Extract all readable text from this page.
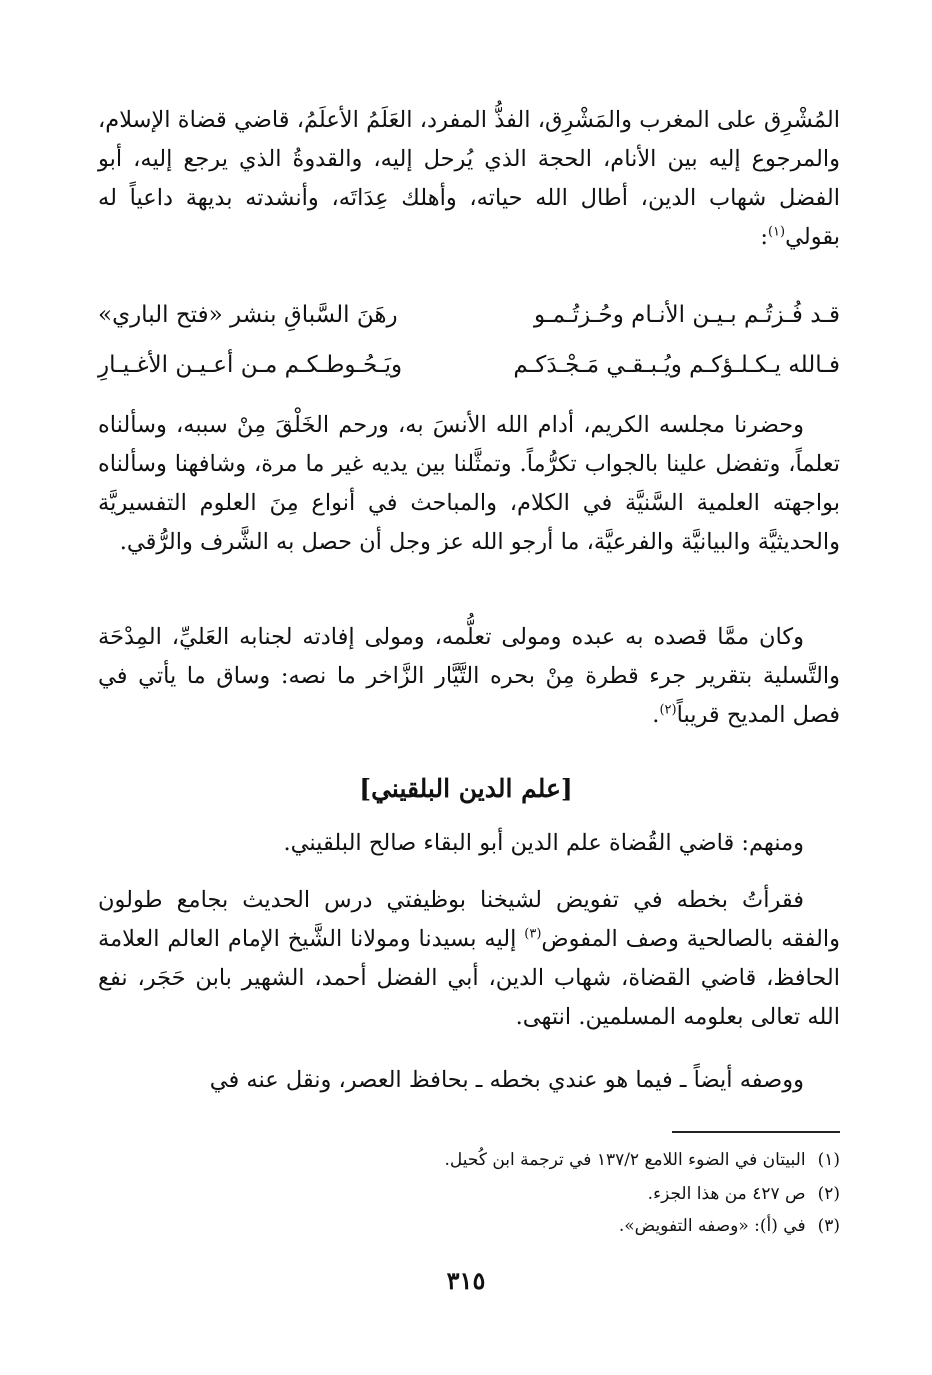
المُشْرِق على المغرب والمَشْرِق، الفذُّ المفرد، العَلَمُ الأعلَمُ، قاضي قضاة الإسلام، والمرجوع إليه بين الأنام، الحجة الذي يُرحل إليه، والقدوةُ الذي يرجع إليه، أبو الفضل شهاب الدين، أطال الله حياته، وأهلك عِدَاتَه، وأنشدته بديهة داعياً له بقولي$^{(١)}$:

قـد فُـزتُـم بـيـن الأنـام وحُـزتُـمـو
رهَنَ السَّباقِ بنشر «فتح الباري»
فـالله يـكـلـؤكـم ويُـبـقـي مَـجْـدَكـم
ويَـحُـوطـكـم مـن أعـيـن الأغـيـارِ

وحضرنا مجلسه الكريم، أدام الله الأنسَ به، ورحم الخَلْقَ مِنْ سببه، وسألناه تعلماً، وتفضل علينا بالجواب تكرُّماً. وتمثَّلنا بين يديه غير ما مرة، وشافهنا وسألناه بواجهته العلمية السَّنيَّة في الكلام، والمباحث في أنواع مِنَ العلوم التفسيريَّة والحديثيَّة والبيانيَّة والفرعيَّة، ما أرجو الله عز وجل أن حصل به الشَّرف والرُّقي.

وكان ممَّا قصده به عبده ومولى تعلُّمه، ومولى إفادته لجنابه العَليِّ، المِدْحَة والتَّسلية بتقرير جرء قطرة مِنْ بحره التَّيَّار الزَّاخر ما نصه: وساق ما يأتي في فصل المديح قريباً$^{(٢)}$.

[علم الدين البلقيني]

ومنهم: قاضي القُضاة علم الدين أبو البقاء صالح البلقيني.

فقرأتُ بخطه في تفويض لشيخنا بوظيفتي درس الحديث بجامع طولون والفقه بالصالحية وصف المفوض$^{(٣)}$ إليه بسيدنا ومولانا الشَّيخ الإمام العالم العلامة الحافظ، قاضي القضاة، شهاب الدين، أبي الفضل أحمد، الشهير بابن حَجَر، نفع الله تعالى بعلومه المسلمين. انتهى.

ووصفه أيضاً ـ فيما هو عندي بخطه ـ بحافظ العصر، ونقل عنه في

(١)البيتان في الضوء اللامع ١٣٧/٢ في ترجمة ابن كُحيل.
(٢)ص ٤٢٧ من هذا الجزء.
(٣)في (أ): «وصفه التفويض».
٣١٥
